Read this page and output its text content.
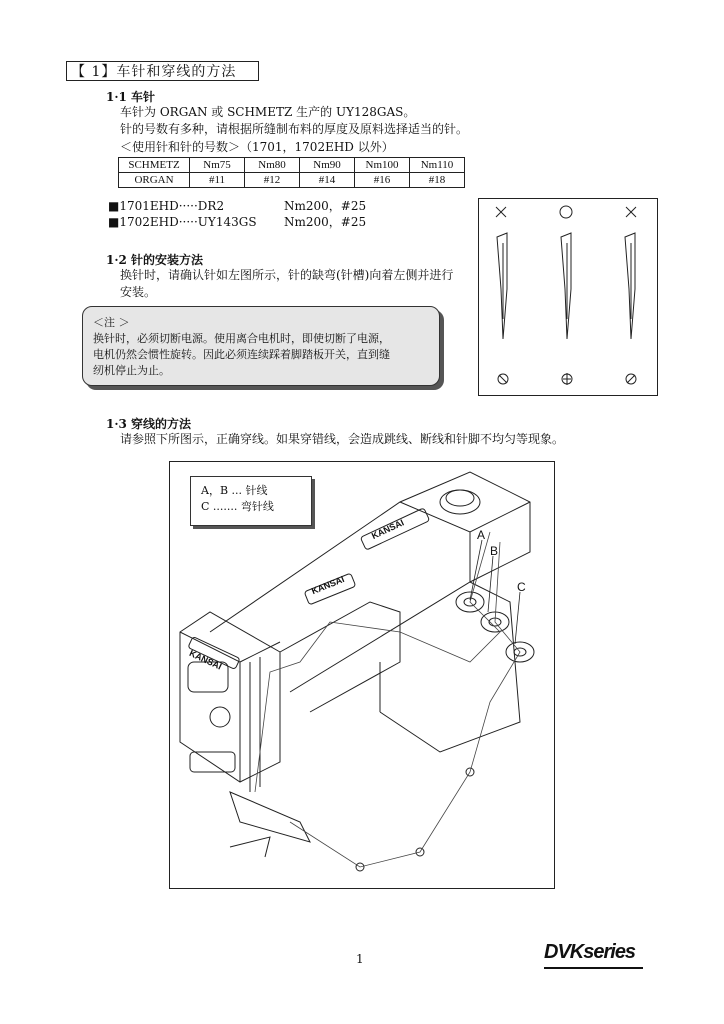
【 1】车针和穿线的方法
1·1 车针
车针为 ORGAN 或 SCHMETZ 生产的 UY128GAS。
针的号数有多种，请根据所缝制布料的厚度及原料选择适当的针。
＜使用针和针的号数＞（1701，1702EHD 以外）
SCHMETZ	Nm75	Nm80	Nm90	Nm100	Nm110
ORGAN	#11	#12	#14	#16	#18
■1701EHD·····DR2	Nm200，#25
■1702EHD·····UY143GS Nm200，#25
1·2 针的安装方法
换针时，请确认针如左图所示，针的缺弯(针槽)向着左侧并进行
安装。
＜注 ＞
换针时，必须切断电源。使用离合电机时，即使切断了电源，
电机仍然会惯性旋转。因此必须连续踩着脚踏板开关，直到缝
纫机停止为止。
1·3 穿线的方法
请参照下所图示，正确穿线。如果穿错线，会造成跳线、断线和针脚不均匀等现象。
A
B
C
KANSAI
KANSAI
KANSAI
A，B ... 针线
C ....... 弯针线
1	DVKseries
